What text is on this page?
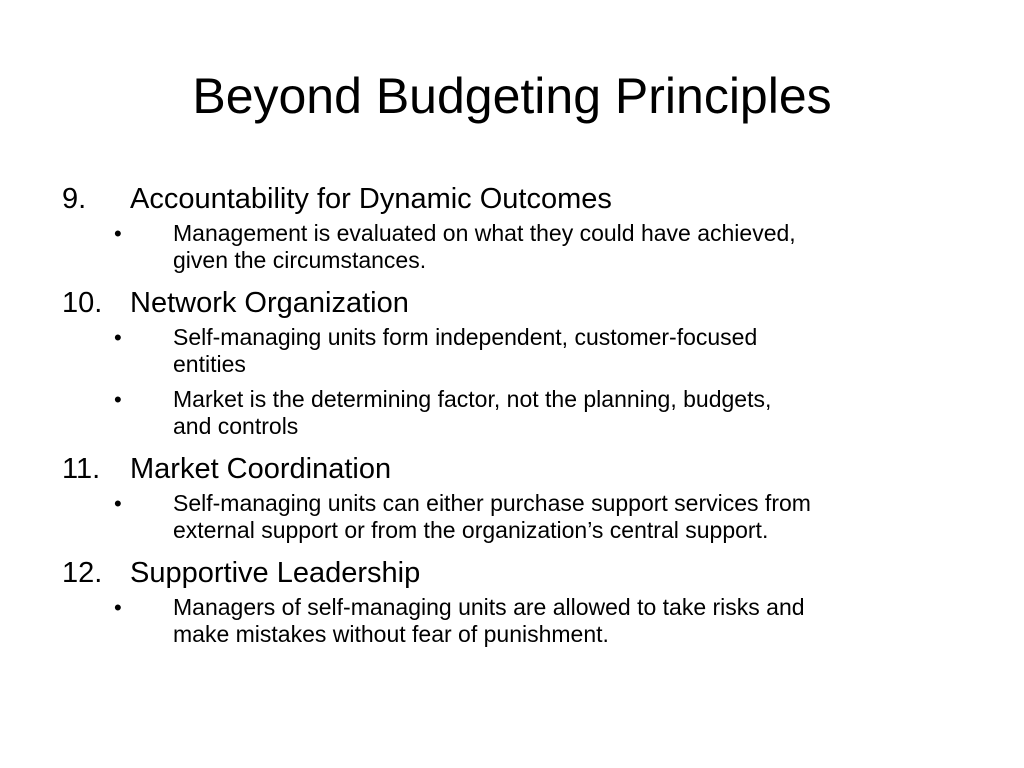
Beyond Budgeting Principles
9. Accountability for Dynamic Outcomes
• Management is evaluated on what they could have achieved,
given the circumstances.
10. Network Organization
• Self-managing units form independent, customer-focused
entities
• Market is the determining factor, not the planning, budgets,
and controls
11. Market Coordination
• Self-managing units can either purchase support services from
external support or from the organization’s central support.
12. Supportive Leadership
• Managers of self-managing units are allowed to take risks and
make mistakes without fear of punishment.
